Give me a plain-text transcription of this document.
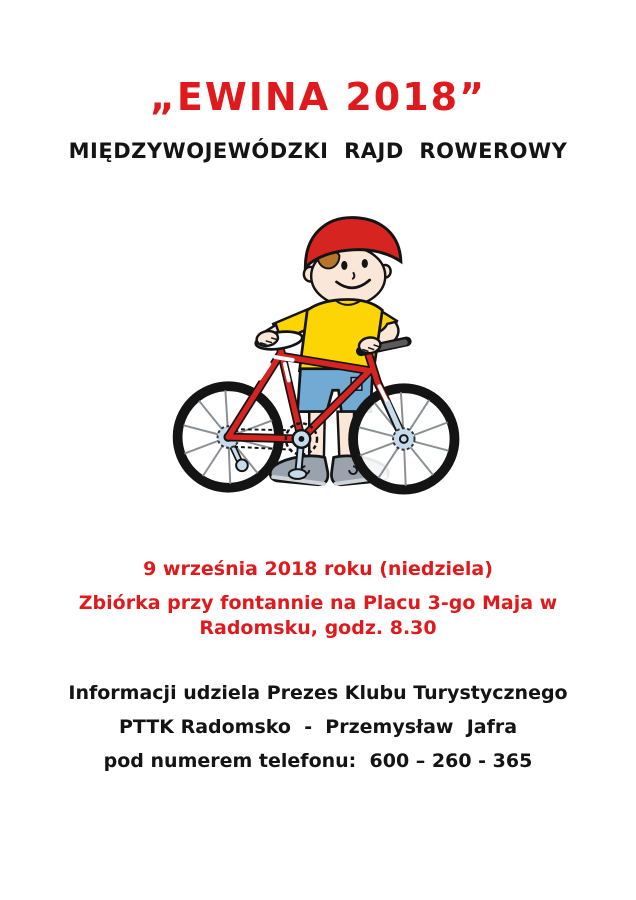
„EWINA 2018”
MIĘDZYWOJEWÓDZKI  RAJD  ROWEROWY

9 września 2018 roku (niedziela)

Zbiórka przy fontannie na Placu 3-go Maja w

Radomsku, godz. 8.30

Informacji udziela Prezes Klubu Turystycznego

PTTK Radomsko  -  Przemysław  Jafra

pod numerem telefonu:  600 – 260 - 365
